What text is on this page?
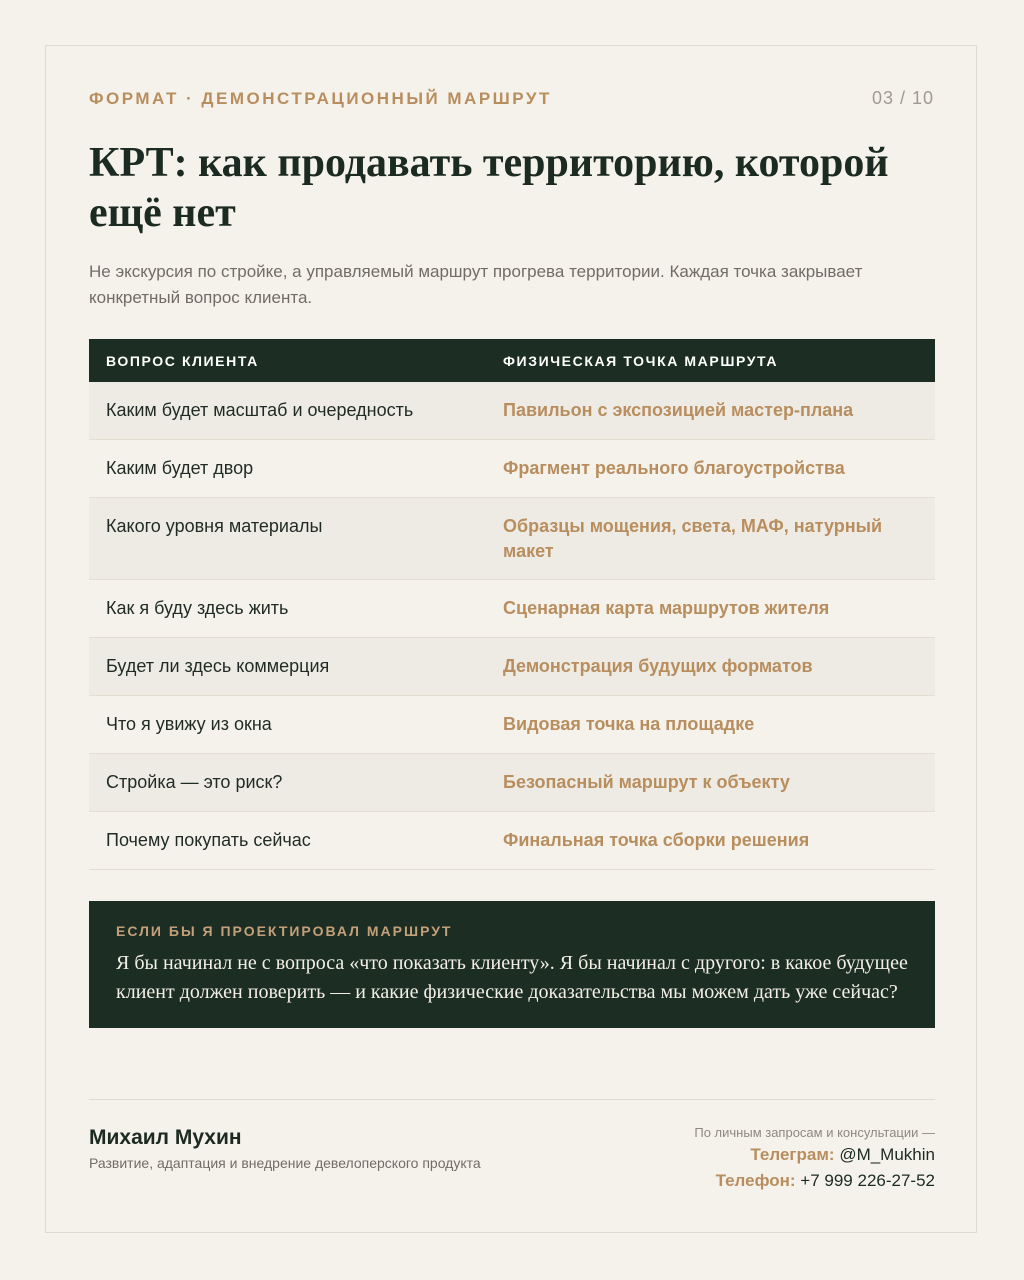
ФОРМАТ · ДЕМОНСТРАЦИОННЫЙ МАРШРУТ	03 / 10
КРТ: как продавать территорию, которой ещё нет

Не экскурсия по стройке, а управляемый маршрут прогрева территории. Каждая точка закрывает конкретный вопрос клиента.

ВОПРОС КЛИЕНТА	ФИЗИЧЕСКАЯ ТОЧКА МАРШРУТА
Каким будет масштаб и очередность	Павильон с экспозицией мастер-плана
Каким будет двор	Фрагмент реального благоустройства
Какого уровня материалы	Образцы мощения, света, МАФ, натурный макет
Как я буду здесь жить	Сценарная карта маршрутов жителя
Будет ли здесь коммерция	Демонстрация будущих форматов
Что я увижу из окна	Видовая точка на площадке
Стройка — это риск?	Безопасный маршрут к объекту
Почему покупать сейчас	Финальная точка сборки решения
ЕСЛИ БЫ Я ПРОЕКТИРОВАЛ МАРШРУТ
Я бы начинал не с вопроса «что показать клиенту». Я бы начинал с другого: в какое будущее клиент должен поверить — и какие физические доказательства мы можем дать уже сейчас?
Михаил Мухин
Развитие, адаптация и внедрение девелоперского продукта
По личным запросам и консультации —
Телеграм: @M_Mukhin
Телефон: +7 999 226-27-52
